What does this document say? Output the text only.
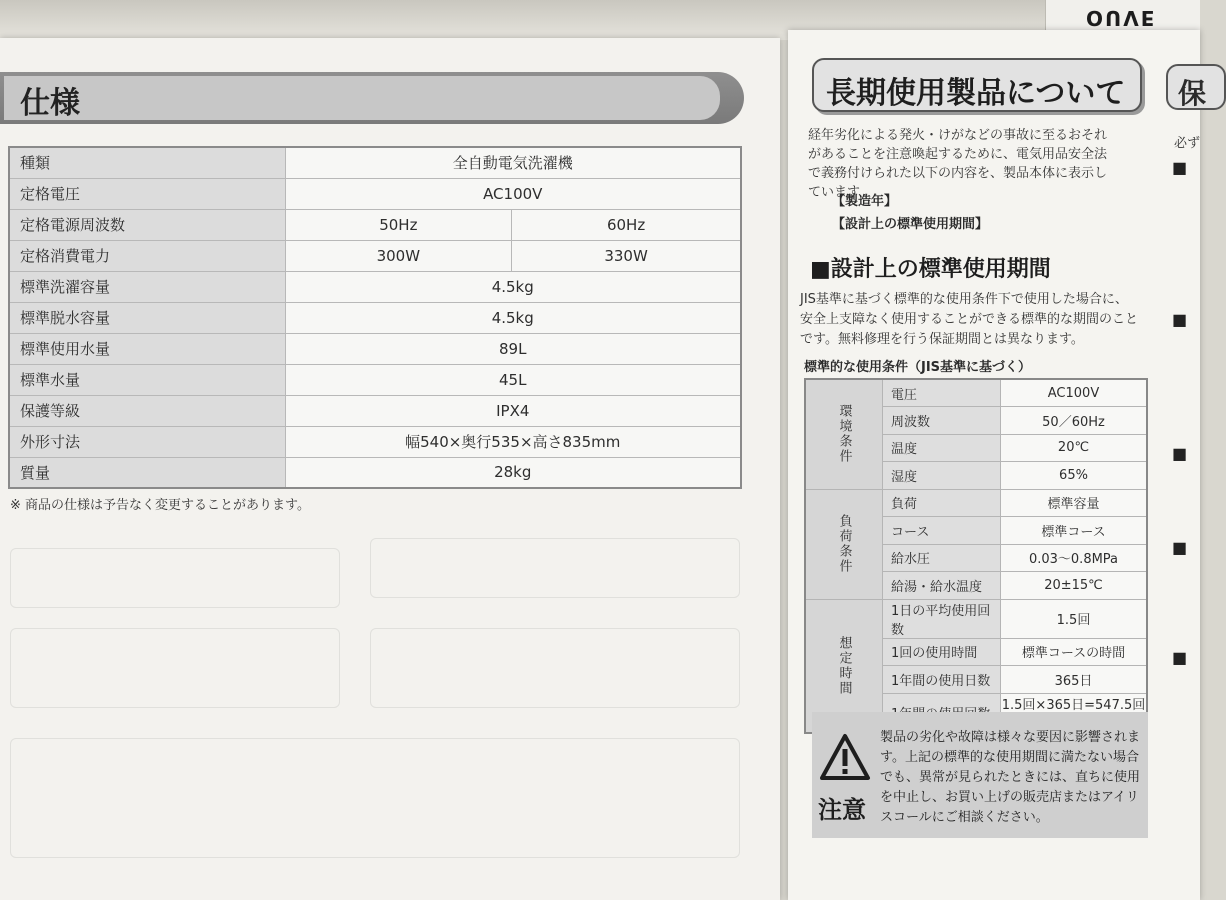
OUVE
仕様
種類	全自動電気洗濯機	
定格電圧	AC100V	
定格電源周波数	50Hz	60Hz
定格消費電力	300W	330W
標準洗濯容量	4.5kg	
標準脱水容量	4.5kg	
標準使用水量	89L	
標準水量	45L	
保護等級	IPX4	
外形寸法	幅540×奥行535×高さ835mm	
質量	28kg	
※ 商品の仕様は予告なく変更することがあります。
長期使用製品について 保
経年劣化による発火・けがなどの事故に至るおそれがあることを注意喚起するために、電気用品安全法で義務付けられた以下の内容を、製品本体に表示しています
【製造年】
【設計上の標準使用期間】
■設計上の標準使用期間
JIS基準に基づく標準的な使用条件下で使用した場合に、安全上支障なく使用することができる標準的な期間のことです。無料修理を行う保証期間とは異なります。
標準的な使用条件（JIS基準に基づく）
環境条件	電圧	AC100V
	周波数	50／60Hz
	温度	20℃
	湿度	65%
負荷条件	負荷	標準容量
	コース	標準コース
	給水圧	0.03～0.8MPa
	給湯・給水温度	20±15℃
想定時間	1日の平均使用回数	1.5回
	1回の使用時間	標準コースの時間
	1年間の使用日数	365日
	1.5回×365日=547.5回
注意
製品の劣化や故障は様々な要因に影響されます。上記の標準的な使用期間に満たない場合でも、異常が見られたときには、直ちに使用を中止し、お買い上げの販売店またはアイリスコールにご相談ください。
必ず
■
■
■
■
■
